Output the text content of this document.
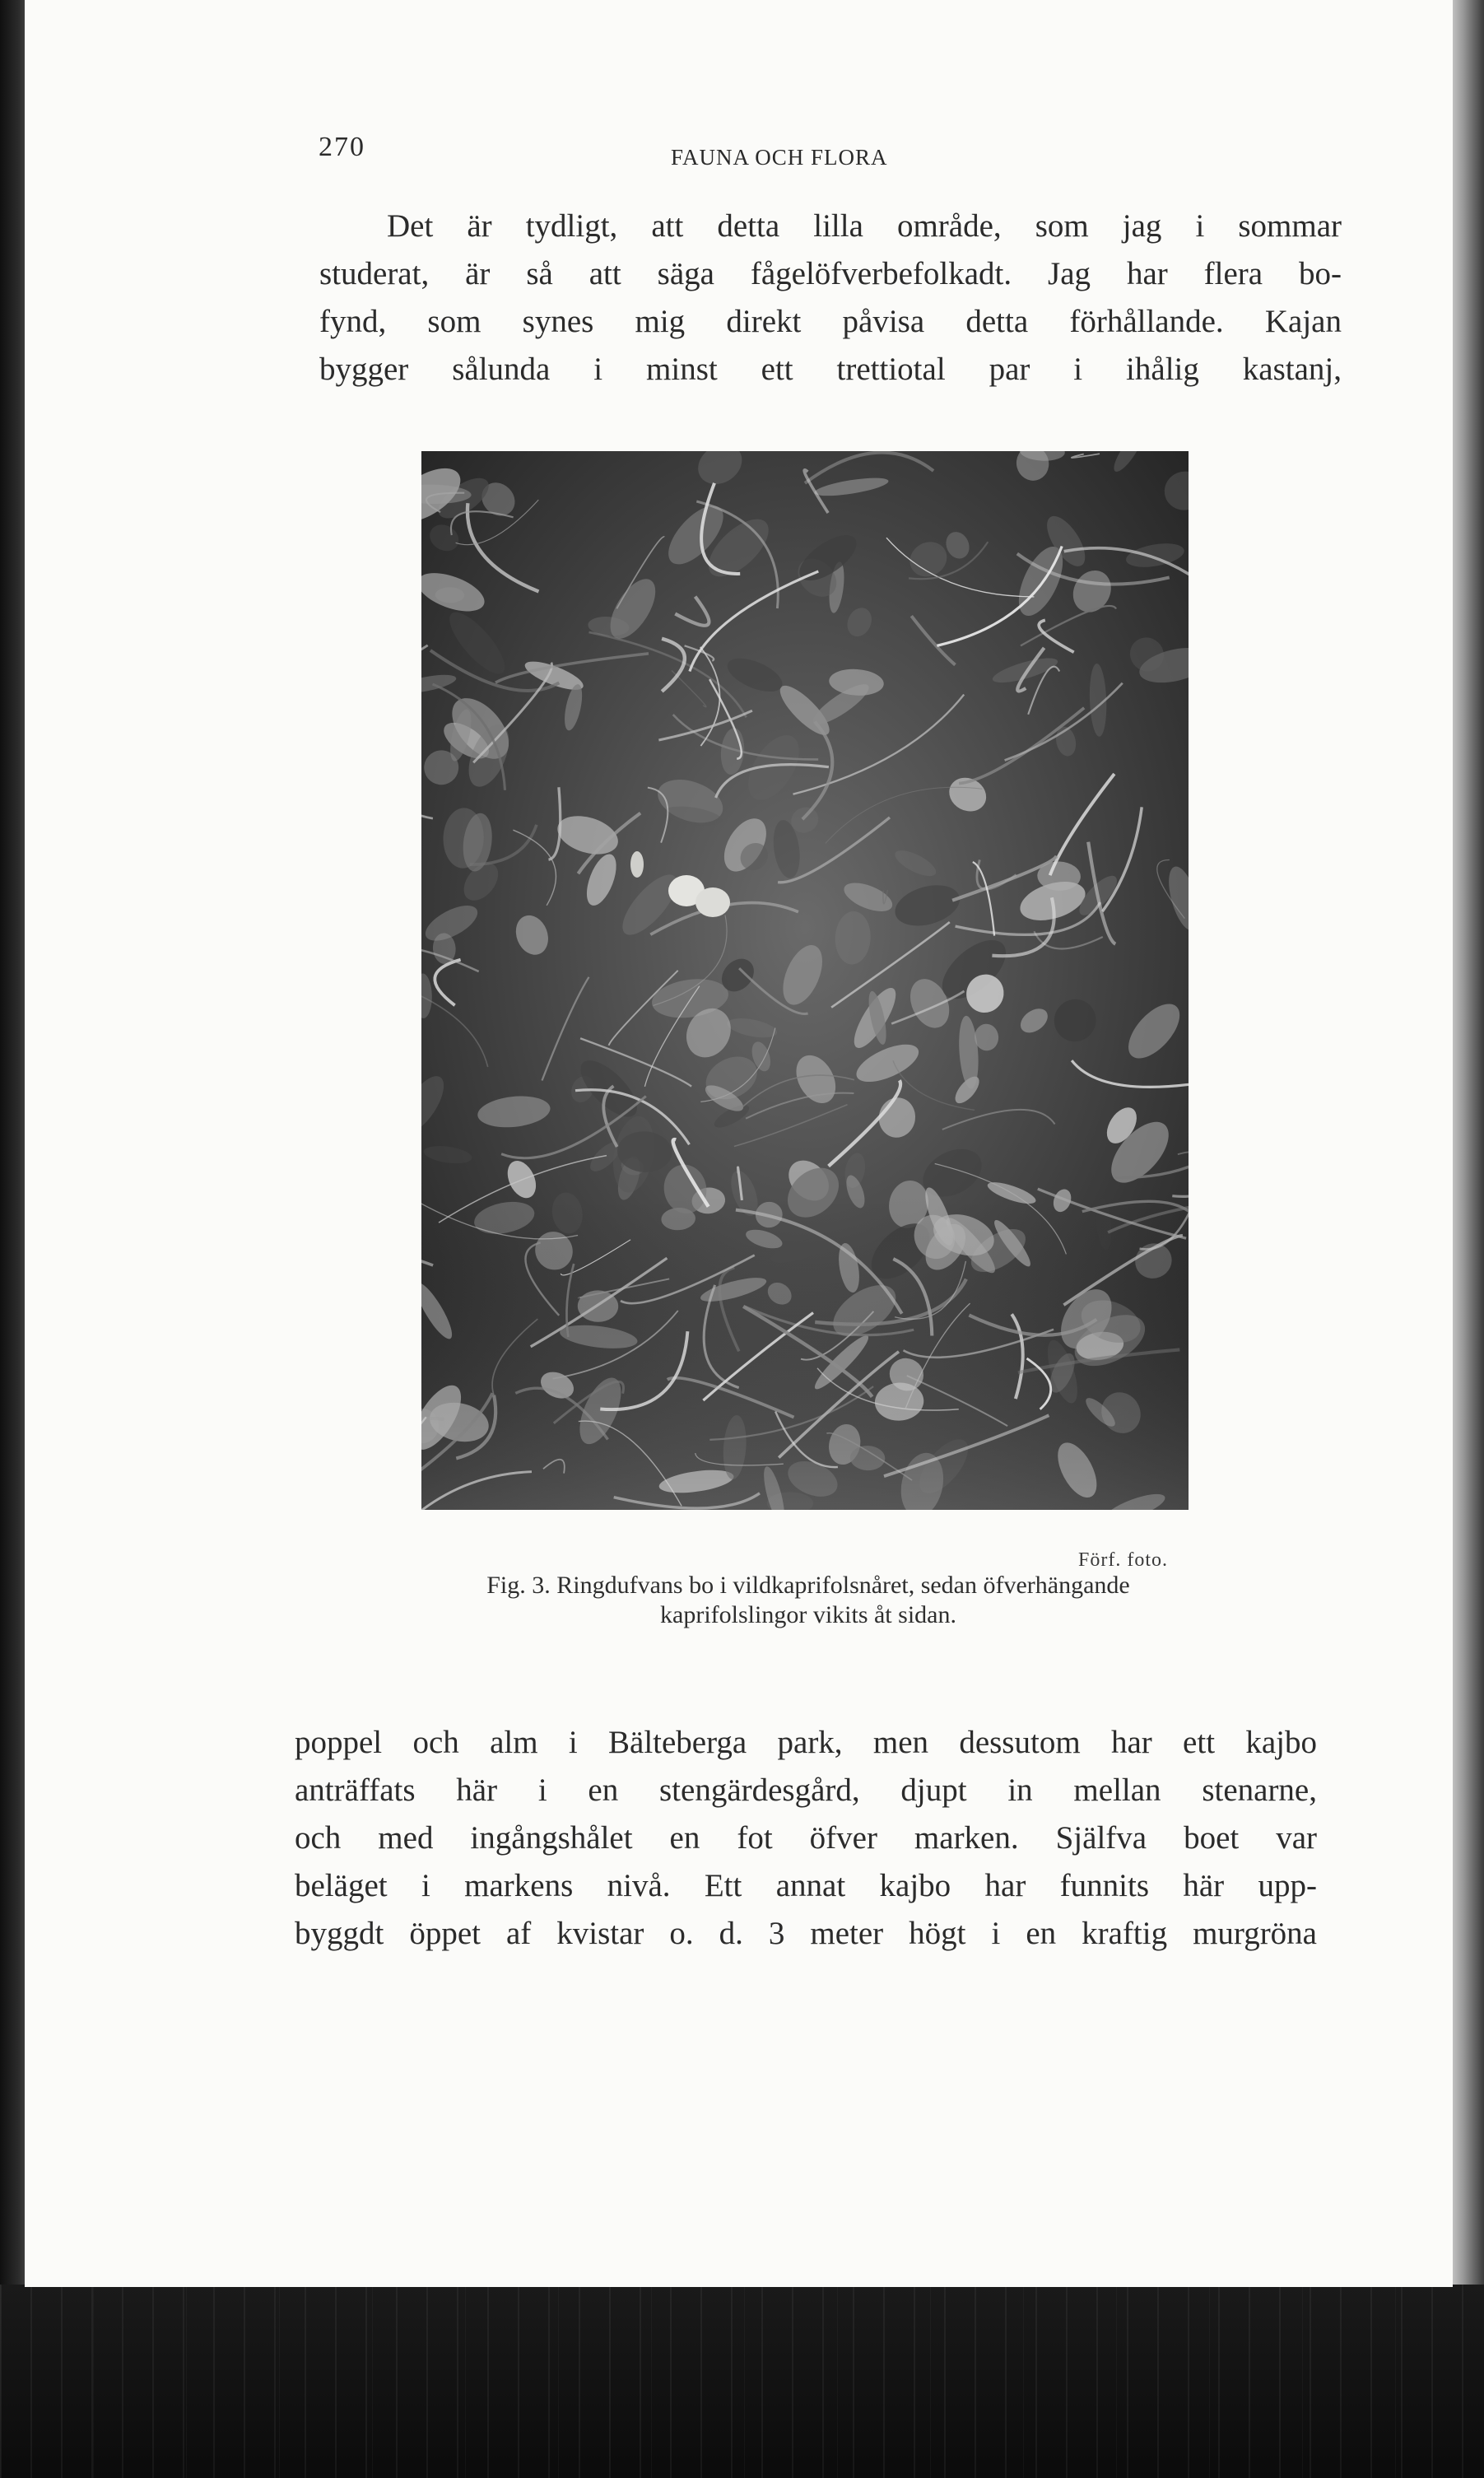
270	FAUNA OCH FLORA

Det är tydligt, att detta lilla område, som jag i sommar
studerat, är så att säga fågelöfverbefolkadt. Jag har flera bo-
fynd, som synes mig direkt påvisa detta förhållande. Kajan
bygger sålunda i minst ett trettiotal par i ihålig kastanj,

Förf. foto.
Fig. 3. Ringdufvans bo i vildkaprifolsnåret, sedan öfverhängande
kaprifolslingor vikits åt sidan.

poppel och alm i Bälteberga park, men dessutom har ett kajbo
anträffats här i en stengärdesgård, djupt in mellan stenarne,
och med ingångshålet en fot öfver marken. Själfva boet var
beläget i markens nivå. Ett annat kajbo har funnits här upp-
byggdt öppet af kvistar o. d. 3 meter högt i en kraftig murgröna
